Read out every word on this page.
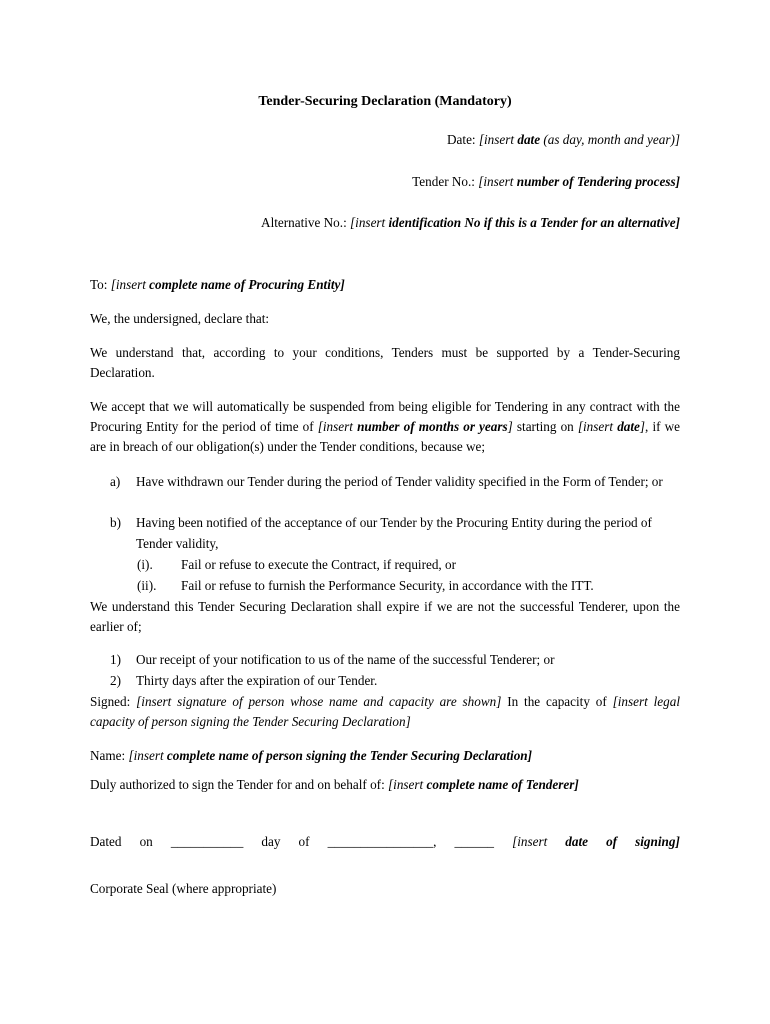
Tender-Securing Declaration (Mandatory)
Date: [insert date (as day, month and year)]
Tender No.: [insert number of Tendering process]
Alternative No.: [insert identification No if this is a Tender for an alternative]
To: [insert complete name of Procuring Entity]
We, the undersigned, declare that:
We understand that, according to your conditions, Tenders must be supported by a Tender-Securing Declaration.
We accept that we will automatically be suspended from being eligible for Tendering in any contract with the Procuring Entity for the period of time of [insert number of months or years] starting on [insert date], if we are in breach of our obligation(s) under the Tender conditions, because we;
a) Have withdrawn our Tender during the period of Tender validity specified in the Form of Tender; or
b) Having been notified of the acceptance of our Tender by the Procuring Entity during the period of Tender validity,
(i). Fail or refuse to execute the Contract, if required, or
(ii). Fail or refuse to furnish the Performance Security, in accordance with the ITT.
We understand this Tender Securing Declaration shall expire if we are not the successful Tenderer, upon the earlier of;
1) Our receipt of your notification to us of the name of the successful Tenderer; or
2) Thirty days after the expiration of our Tender.
Signed: [insert signature of person whose name and capacity are shown] In the capacity of [insert legal capacity of person signing the Tender Securing Declaration]
Name: [insert complete name of person signing the Tender Securing Declaration]
Duly authorized to sign the Tender for and on behalf of: [insert complete name of Tenderer]
Dated on ___________ day of ________________, ______ [insert date of signing]
Corporate Seal (where appropriate)
